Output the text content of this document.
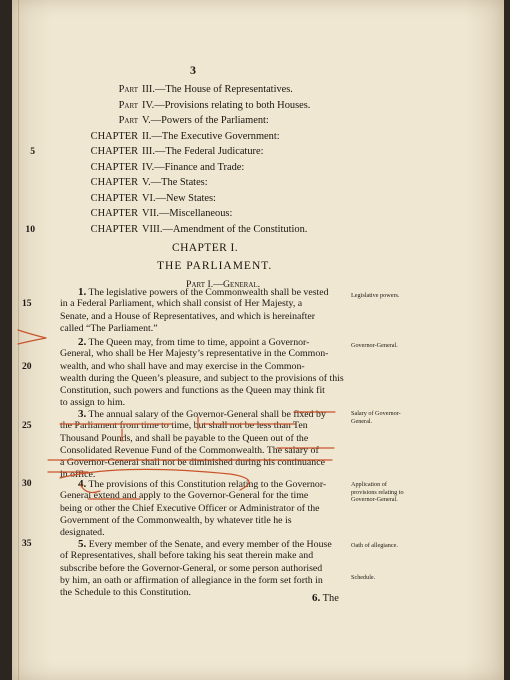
3
Part III.—The House of Representatives.
Part IV.—Provisions relating to both Houses.
Part V.—Powers of the Parliament:
CHAPTER II.—The Executive Government:
5	CHAPTER III.—The Federal Judicature:
CHAPTER IV.—Finance and Trade:
CHAPTER V.—The States:
CHAPTER VI.—New States:
CHAPTER VII.—Miscellaneous:
10	CHAPTER VIII.—Amendment of the Constitution.
CHAPTER I.
THE PARLIAMENT.
Part I.—General.
1. The legislative powers of the Commonwealth shall be vested
15	in a Federal Parliament, which shall consist of Her Majesty, a
Senate, and a House of Representatives, and which is hereinafter
called “The Parliament.”
Legislative powers.
2. The Queen may, from time to time, appoint a Governor-
General, who shall be Her Majesty’s representative in the Common-
20	wealth, and who shall have and may exercise in the Common-
wealth during the Queen’s pleasure, and subject to the provisions of this
Constitution, such powers and functions as the Queen may think fit
to assign to him.
Governor-General.
3. The annual salary of the Governor-General shall be fixed by
25	the Parliament from time to time, but shall not be less than Ten
Thousand Pounds, and shall be payable to the Queen out of the
Consolidated Revenue Fund of the Commonwealth. The salary of
a Governor-General shall not be diminished during his continuance
in office.
Salary of Governor-
General.
30	4. The provisions of this Constitution relating to the Governor-
General extend and apply to the Governor-General for the time
being or other the Chief Executive Officer or Administrator of the
Government of the Commonwealth, by whatever title he is
designated.
Application of
provisions relating to
Governor-General.
35	5. Every member of the Senate, and every member of the House
of Representatives, shall before taking his seat therein make and
subscribe before the Governor-General, or some person authorised
by him, an oath or affirmation of allegiance in the form set forth in
the Schedule to this Constitution.
Oath of allegiance.
Schedule.
6. The
